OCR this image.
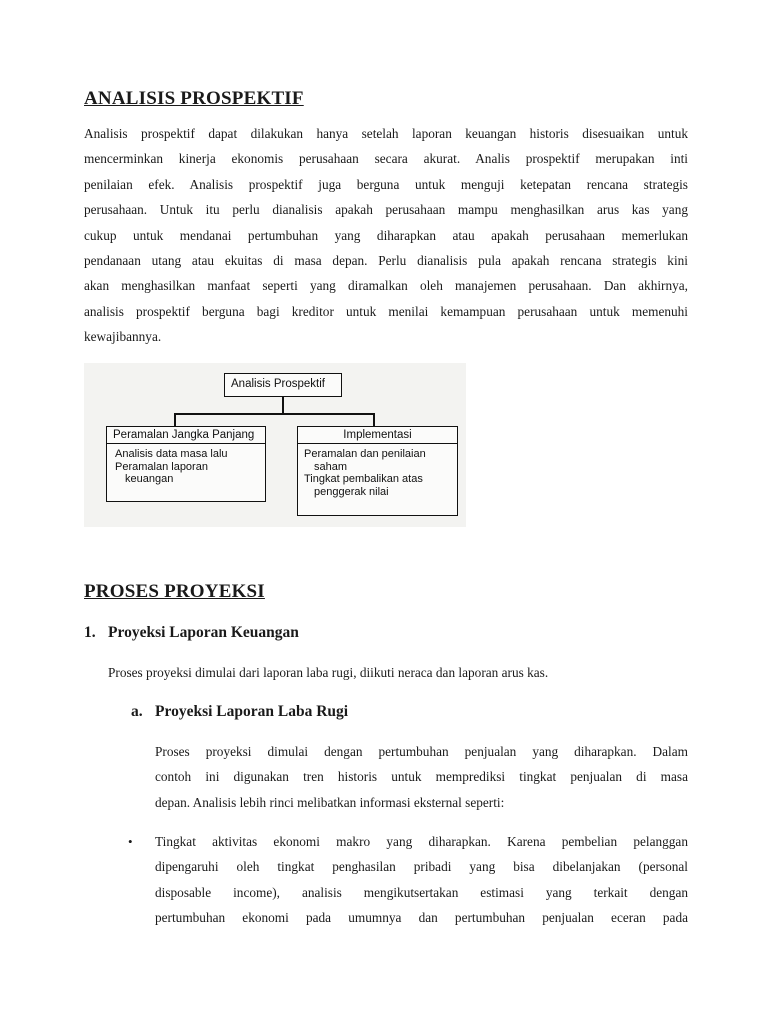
ANALISIS PROSPEKTIF
Analisis prospektif dapat dilakukan hanya setelah laporan keuangan historis disesuaikan untuk
mencerminkan kinerja ekonomis perusahaan secara akurat. Analis prospektif merupakan inti
penilaian efek. Analisis prospektif juga berguna untuk menguji ketepatan rencana strategis
perusahaan. Untuk itu perlu dianalisis apakah perusahaan mampu menghasilkan arus kas yang
cukup untuk mendanai pertumbuhan yang diharapkan atau apakah perusahaan memerlukan
pendanaan utang atau ekuitas di masa depan. Perlu dianalisis pula apakah rencana strategis kini
akan menghasilkan manfaat seperti yang diramalkan oleh manajemen perusahaan. Dan akhirnya,
analisis prospektif berguna bagi kreditor untuk menilai kemampuan perusahaan untuk memenuhi
kewajibannya.
Analisis Prospektif
Peramalan Jangka Panjang
Analisis data masa lalu
Peramalan laporan
keuangan
Implementasi
Peramalan dan penilaian
saham
Tingkat pembalikan atas
penggerak nilai
PROSES PROYEKSI
1. Proyeksi Laporan Keuangan

Proses proyeksi dimulai dari laporan laba rugi, diikuti neraca dan laporan arus kas.

a. Proyeksi Laporan Laba Rugi
Proses proyeksi dimulai dengan pertumbuhan penjualan yang diharapkan. Dalam
contoh ini digunakan tren historis untuk memprediksi tingkat penjualan di masa
depan. Analisis lebih rinci melibatkan informasi eksternal seperti:
• Tingkat aktivitas ekonomi makro yang diharapkan. Karena pembelian pelanggan
dipengaruhi oleh tingkat penghasilan pribadi yang bisa dibelanjakan (personal
disposable income), analisis mengikutsertakan estimasi yang terkait dengan
pertumbuhan ekonomi pada umumnya dan pertumbuhan penjualan eceran pada
